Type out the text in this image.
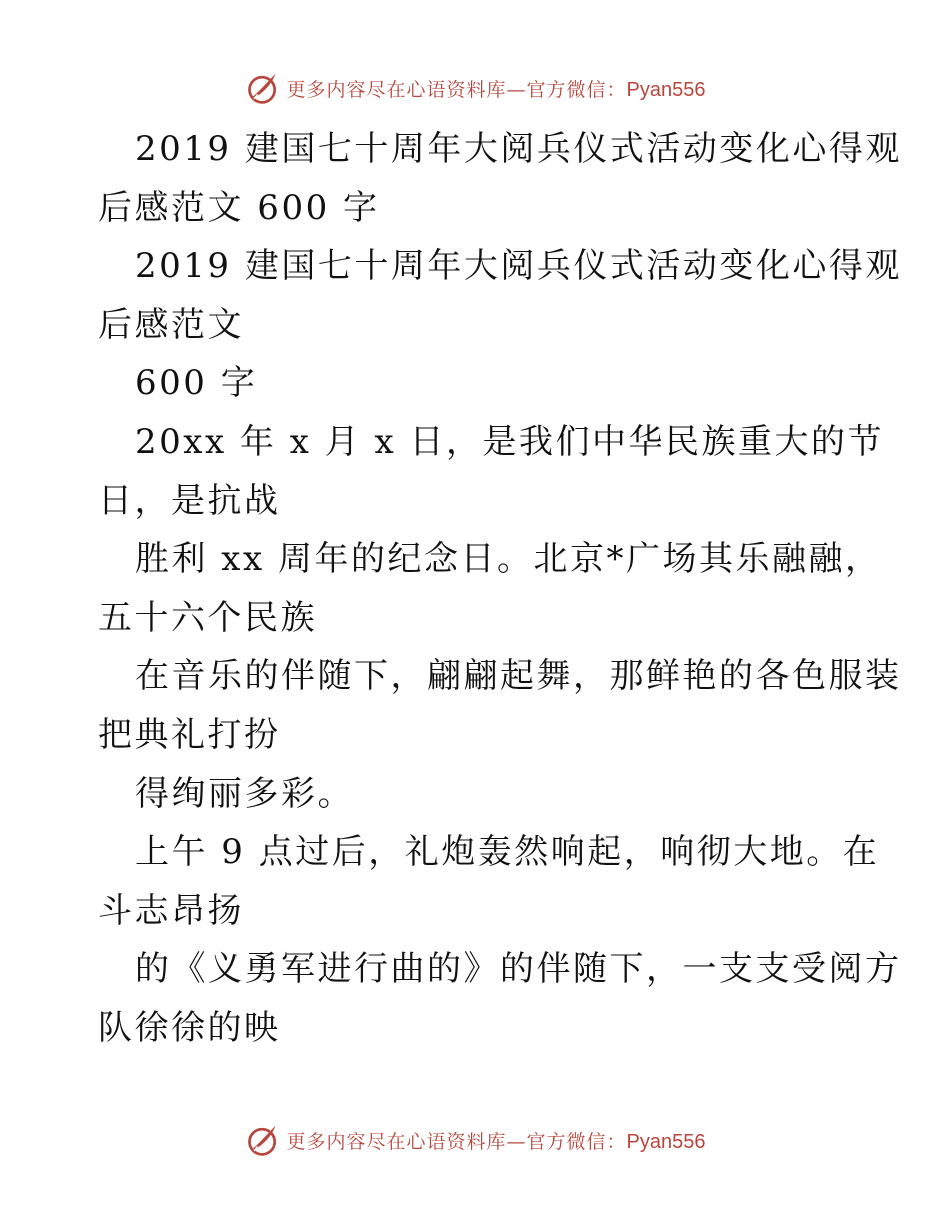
更多内容尽在心语资料库—官方微信：Pyan556
2019 建国七十周年大阅兵仪式活动变化心得观
后感范文 600 字
2019 建国七十周年大阅兵仪式活动变化心得观
后感范文
600 字
20xx 年 x 月 x 日，是我们中华民族重大的节
日，是抗战
胜利 xx 周年的纪念日。北京*广场其乐融融，
五十六个民族
在音乐的伴随下，翩翩起舞，那鲜艳的各色服装
把典礼打扮
得绚丽多彩。
上午 9 点过后，礼炮轰然响起，响彻大地。在
斗志昂扬
的《义勇军进行曲的》的伴随下，一支支受阅方
队徐徐的映
更多内容尽在心语资料库—官方微信：Pyan556
